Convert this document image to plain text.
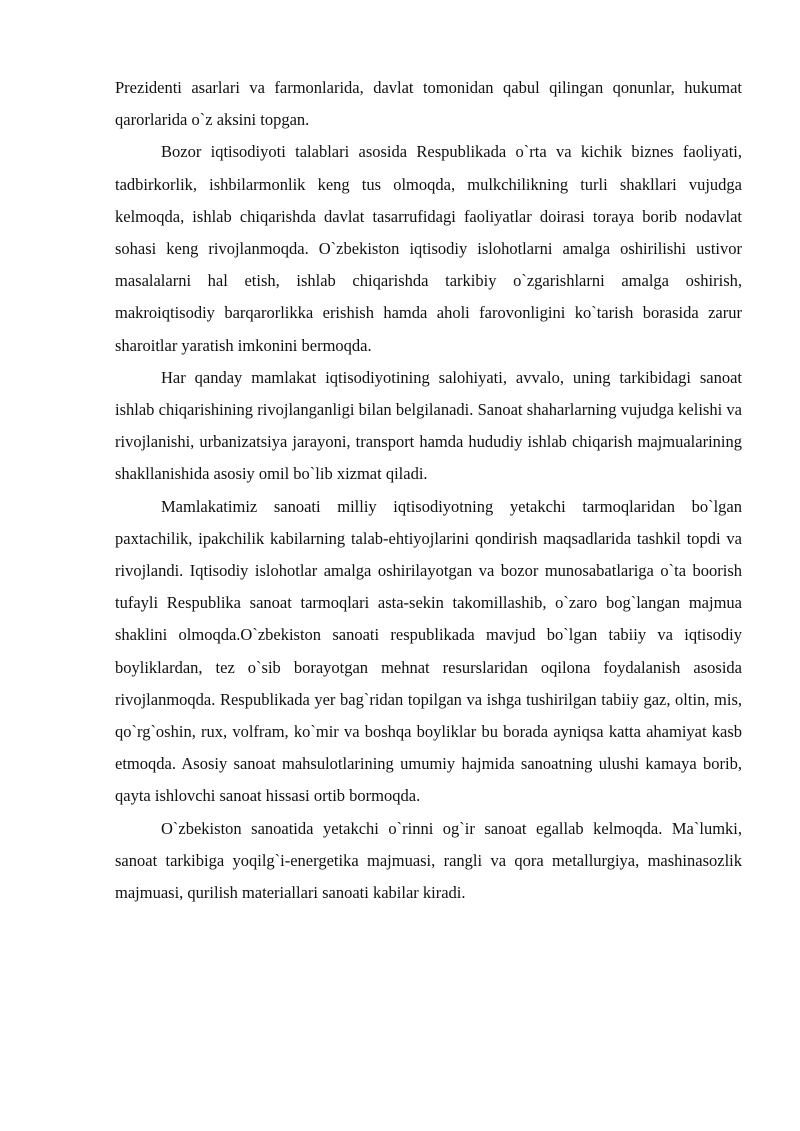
Prezidenti asarlari va farmonlarida, davlat tomonidan qabul qilingan qonunlar, hukumat qarorlarida o`z aksini topgan.

Bozor iqtisodiyoti talablari asosida Respublikada o`rta va kichik biznes faoliyati, tadbirkorlik, ishbilarmonlik keng tus olmoqda, mulkchilikning turli shakllari vujudga kelmoqda, ishlab chiqarishda davlat tasarrufidagi faoliyatlar doirasi toraya borib nodavlat sohasi keng rivojlanmoqda. O`zbekiston iqtisodiy islohotlarni amalga oshirilishi ustivor masalalarni hal etish, ishlab chiqarishda tarkibiy o`zgarishlarni amalga oshirish, makroiqtisodiy barqarorlikka erishish hamda aholi farovonligini ko`tarish borasida zarur sharoitlar yaratish imkonini bermoqda.

Har qanday mamlakat iqtisodiyotining salohiyati, avvalo, uning tarkibidagi sanoat ishlab chiqarishining rivojlanganligi bilan belgilanadi. Sanoat shaharlarning vujudga kelishi va rivojlanishi, urbanizatsiya jarayoni, transport hamda hududiy ishlab chiqarish majmualarining shakllanishida asosiy omil bo`lib xizmat qiladi.

Mamlakatimiz sanoati milliy iqtisodiyotning yetakchi tarmoqlaridan bo`lgan paxtachilik, ipakchilik kabilarning talab-ehtiyojlarini qondirish maqsadlarida tashkil topdi va rivojlandi. Iqtisodiy islohotlar amalga oshirilayotgan va bozor munosabatlariga o`ta boorish tufayli Respublika sanoat tarmoqlari asta-sekin takomillashib, o`zaro bog`langan majmua shaklini olmoqda.O`zbekiston sanoati respublikada mavjud bo`lgan tabiiy va iqtisodiy boyliklardan, tez o`sib borayotgan mehnat resurslaridan oqilona foydalanish asosida rivojlanmoqda. Respublikada yer bag`ridan topilgan va ishga tushirilgan tabiiy gaz, oltin, mis, qo`rg`oshin, rux, volfram, ko`mir va boshqa boyliklar bu borada ayniqsa katta ahamiyat kasb etmoqda. Asosiy sanoat mahsulotlarining umumiy hajmida sanoatning ulushi kamaya borib, qayta ishlovchi sanoat hissasi ortib bormoqda.

O`zbekiston sanoatida yetakchi o`rinni og`ir sanoat egallab kelmoqda. Ma`lumki, sanoat tarkibiga yoqilg`i-energetika majmuasi, rangli va qora metallurgiya, mashinasozlik majmuasi, qurilish materiallari sanoati kabilar kiradi.
